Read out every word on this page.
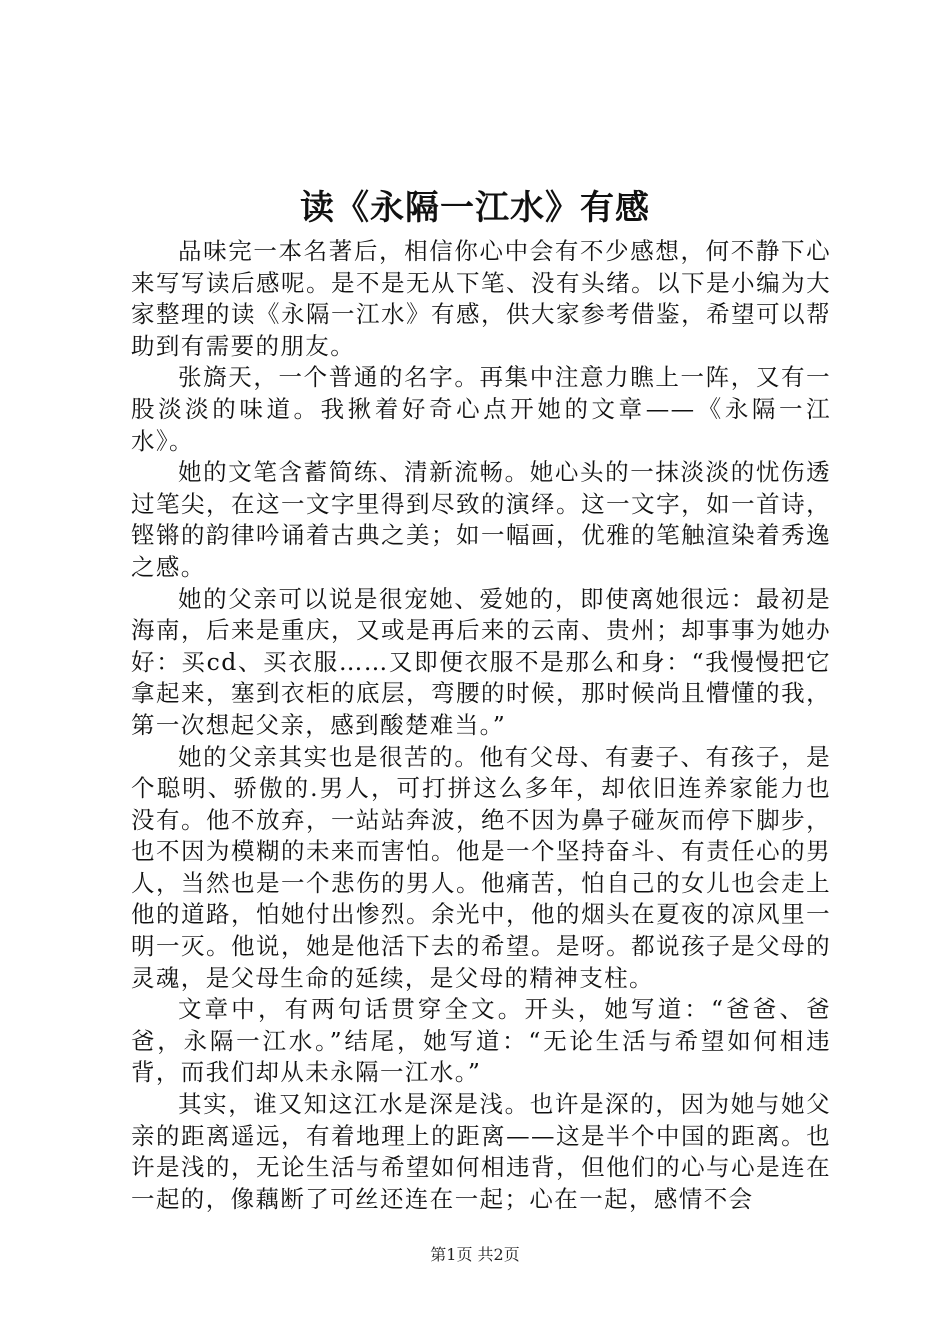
读《永隔一江水》有感

品味完一本名著后，相信你心中会有不少感想，何不静下心来写写读后感呢。是不是无从下笔、没有头绪。以下是小编为大家整理的读《永隔一江水》有感，供大家参考借鉴，希望可以帮助到有需要的朋友。

张旖天，一个普通的名字。再集中注意力瞧上一阵，又有一股淡淡的味道。我揪着好奇心点开她的文章——《永隔一江水》。

她的文笔含蓄简练、清新流畅。她心头的一抹淡淡的忧伤透过笔尖，在这一文字里得到尽致的演绎。这一文字，如一首诗，铿锵的韵律吟诵着古典之美；如一幅画，优雅的笔触渲染着秀逸之感。

她的父亲可以说是很宠她、爱她的，即使离她很远：最初是海南，后来是重庆，又或是再后来的云南、贵州；却事事为她办好：买cd、买衣服……又即便衣服不是那么和身：“我慢慢把它拿起来，塞到衣柜的底层，弯腰的时候，那时候尚且懵懂的我，第一次想起父亲，感到酸楚难当。”

她的父亲其实也是很苦的。他有父母、有妻子、有孩子，是个聪明、骄傲的.男人，可打拼这么多年，却依旧连养家能力也没有。他不放弃，一站站奔波，绝不因为鼻子碰灰而停下脚步，也不因为模糊的未来而害怕。他是一个坚持奋斗、有责任心的男人，当然也是一个悲伤的男人。他痛苦，怕自己的女儿也会走上他的道路，怕她付出惨烈。余光中，他的烟头在夏夜的凉风里一明一灭。他说，她是他活下去的希望。是呀。都说孩子是父母的灵魂，是父母生命的延续，是父母的精神支柱。

文章中，有两句话贯穿全文。开头，她写道：“爸爸、爸爸，永隔一江水。”结尾，她写道：“无论生活与希望如何相违背，而我们却从未永隔一江水。”

其实，谁又知这江水是深是浅。也许是深的，因为她与她父亲的距离遥远，有着地理上的距离——这是半个中国的距离。也许是浅的，无论生活与希望如何相违背，但他们的心与心是连在一起的，像藕断了可丝还连在一起；心在一起，感情不会

第1页 共2页
